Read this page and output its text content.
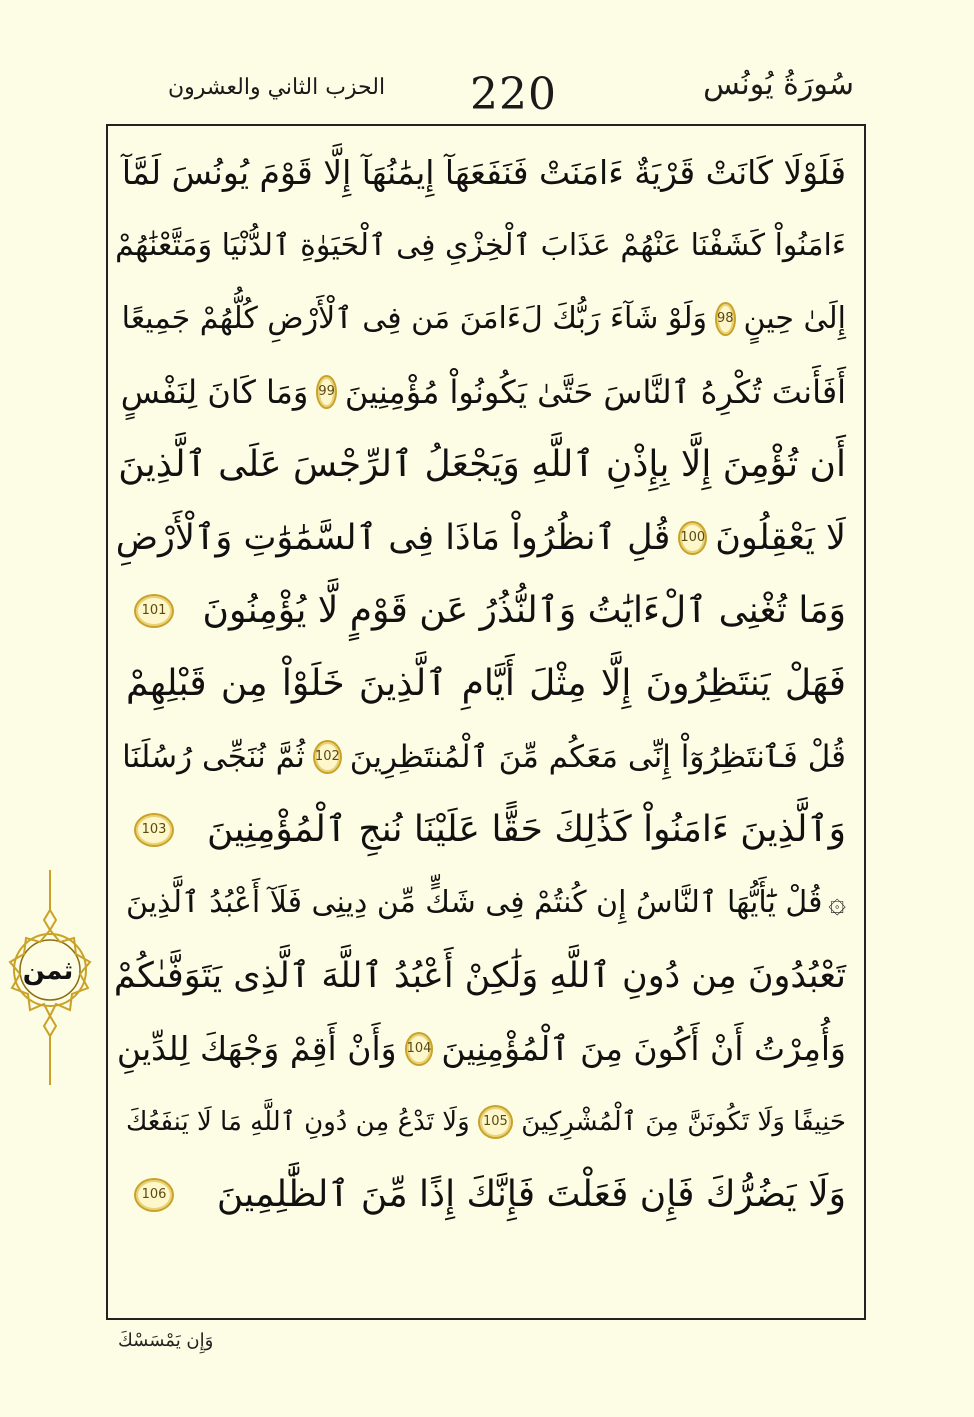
سُورَةُ يُونُس
220
الحزب الثاني والعشرون
ثمن
فَلَوْلَا كَانَتْ قَرْيَةٌ ءَامَنَتْ فَنَفَعَهَآ إِيمَٰنُهَآ إِلَّا قَوْمَ يُونُسَ لَمَّآ
ءَامَنُواْ كَشَفْنَا عَنْهُمْ عَذَابَ ٱلْخِزْىِ فِى ٱلْحَيَوٰةِ ٱلدُّنْيَا وَمَتَّعْنَٰهُمْ
إِلَىٰ حِينٍ
98
وَلَوْ شَآءَ رَبُّكَ لَءَامَنَ مَن فِى ٱلْأَرْضِ كُلُّهُمْ جَمِيعًا
أَفَأَنتَ تُكْرِهُ ٱلنَّاسَ حَتَّىٰ يَكُونُواْ مُؤْمِنِينَ
99
وَمَا كَانَ لِنَفْسٍ
أَن تُؤْمِنَ إِلَّا بِإِذْنِ ٱللَّهِ وَيَجْعَلُ ٱلرِّجْسَ عَلَى ٱلَّذِينَ
لَا يَعْقِلُونَ
100
قُلِ ٱنظُرُواْ مَاذَا فِى ٱلسَّمَٰوَٰتِ وَٱلْأَرْضِ
وَمَا تُغْنِى ٱلْءَايَٰتُ وَٱلنُّذُرُ عَن قَوْمٍ لَّا يُؤْمِنُونَ
101
فَهَلْ يَنتَظِرُونَ إِلَّا مِثْلَ أَيَّامِ ٱلَّذِينَ خَلَوْاْ مِن قَبْلِهِمْ
قُلْ فَٱنتَظِرُوٓاْ إِنِّى مَعَكُم مِّنَ ٱلْمُنتَظِرِينَ
102
ثُمَّ نُنَجِّى رُسُلَنَا
وَٱلَّذِينَ ءَامَنُواْ كَذَٰلِكَ حَقًّا عَلَيْنَا نُنجِ ٱلْمُؤْمِنِينَ
103
۞
قُلْ يَٰٓأَيُّهَا ٱلنَّاسُ إِن كُنتُمْ فِى شَكٍّ مِّن دِينِى فَلَآ أَعْبُدُ ٱلَّذِينَ
تَعْبُدُونَ مِن دُونِ ٱللَّهِ وَلَٰكِنْ أَعْبُدُ ٱللَّهَ ٱلَّذِى يَتَوَفَّىٰكُمْ
وَأُمِرْتُ أَنْ أَكُونَ مِنَ ٱلْمُؤْمِنِينَ
104
وَأَنْ أَقِمْ وَجْهَكَ لِلدِّينِ
حَنِيفًا وَلَا تَكُونَنَّ مِنَ ٱلْمُشْرِكِينَ
105
وَلَا تَدْعُ مِن دُونِ ٱللَّهِ مَا لَا يَنفَعُكَ
وَلَا يَضُرُّكَ فَإِن فَعَلْتَ فَإِنَّكَ إِذًا مِّنَ ٱلظَّٰلِمِينَ
106
وَإِن يَمْسَسْكَ
